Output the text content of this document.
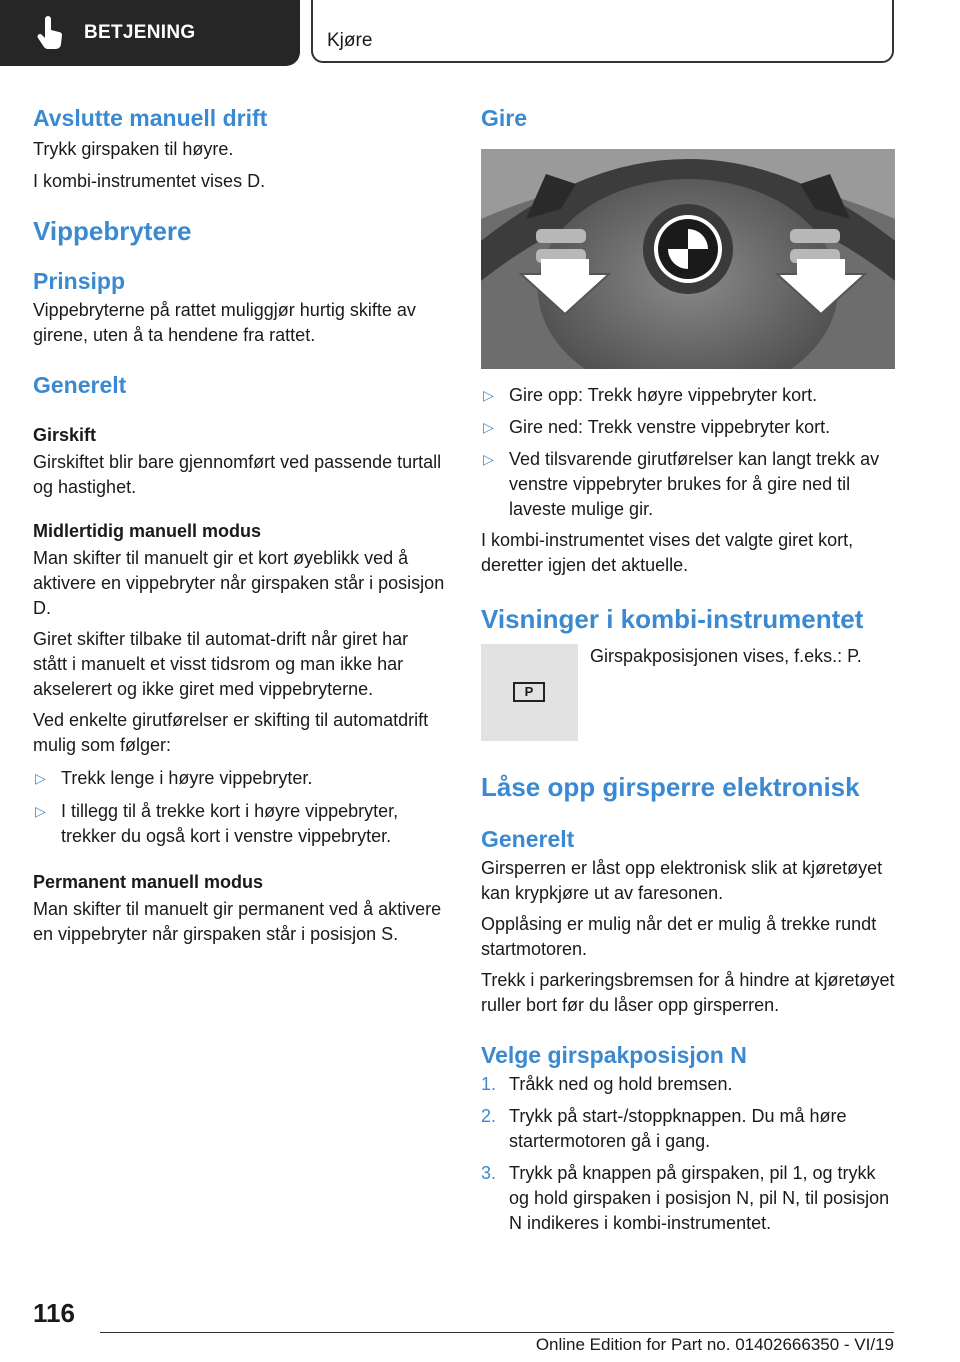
BETJENING	Kjøre
Avslutte manuell drift

Trykk girspaken til høyre.

I kombi-instrumentet vises D.

Vippebrytere
Prinsipp

Vippebryterne på rattet muliggjør hurtig skifte av girene, uten å ta hendene fra rattet.

Generelt
Girskift

Girskiftet blir bare gjennomført ved passende turtall og hastighet.

Midlertidig manuell modus

Man skifter til manuelt gir et kort øyeblikk ved å aktivere en vippebryter når girspaken står i posisjon D.

Giret skifter tilbake til automat-drift når giret har stått i manuelt et visst tidsrom og man ikke har akselerert og ikke giret med vippebryterne.

Ved enkelte girutførelser er skifting til automatdrift mulig som følger:

▷ Trekk lenge i høyre vippebryter.
▷ I tillegg til å trekke kort i høyre vippebryter, trekker du også kort i venstre vippebryter.
Permanent manuell modus

Man skifter til manuelt gir permanent ved å aktivere en vippebryter når girspaken står i posisjon S.

Gire
▷ Gire opp: Trekk høyre vippebryter kort.
▷ Gire ned: Trekk venstre vippebryter kort.
▷ Ved tilsvarende girutførelser kan langt trekk av venstre vippebryter brukes for å gire ned til laveste mulige gir.

I kombi-instrumentet vises det valgte giret kort, deretter igjen det aktuelle.

Visninger i kombi-instrumentet
P

Girspakposisjonen vises, f.eks.: P.

Låse opp girsperre elektronisk
Generelt

Girsperren er låst opp elektronisk slik at kjøretøyet kan krypkjøre ut av faresonen.

Opplåsing er mulig når det er mulig å trekke rundt startmotoren.

Trekk i parkeringsbremsen for å hindre at kjøretøyet ruller bort før du låser opp girsperren.

Velge girspakposisjon N
1. Tråkk ned og hold bremsen.
2. Trykk på start-/stoppknappen. Du må høre startermotoren gå i gang.
3. Trykk på knappen på girspaken, pil 1, og trykk og hold girspaken i posisjon N, pil N, til posisjon N indikeres i kombi-instrumentet.
116
Online Edition for Part no. 01402666350 - VI/19
